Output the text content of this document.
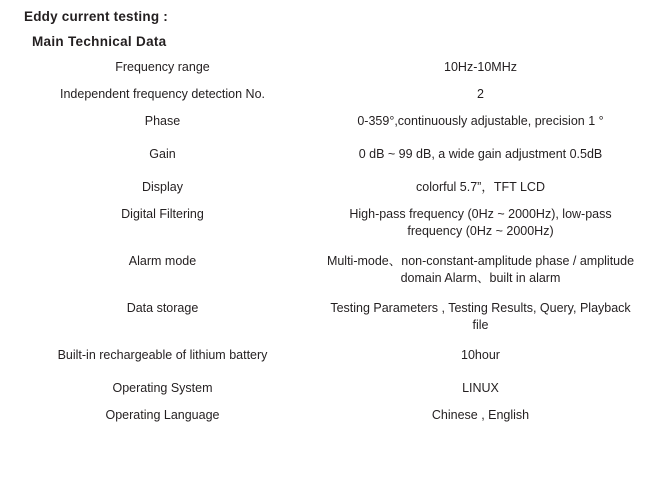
Eddy current testing :
Main Technical Data
Frequency range	10Hz-10MHz
Independent frequency detection No.	2
Phase	0-359°,continuously adjustable, precision 1 °
Gain	0 dB ~ 99 dB, a wide gain adjustment 0.5dB
Display	colorful 5.7”，TFT LCD
Digital Filtering	High-pass frequency (0Hz ~ 2000Hz), low-pass frequency (0Hz ~ 2000Hz)
Alarm mode	Multi-mode、non-constant-amplitude phase / amplitude domain Alarm、built in alarm
Data storage	Testing Parameters , Testing Results, Query, Playback file
Built-in rechargeable of lithium battery	10hour
Operating System	LINUX
Operating Language	Chinese , English
